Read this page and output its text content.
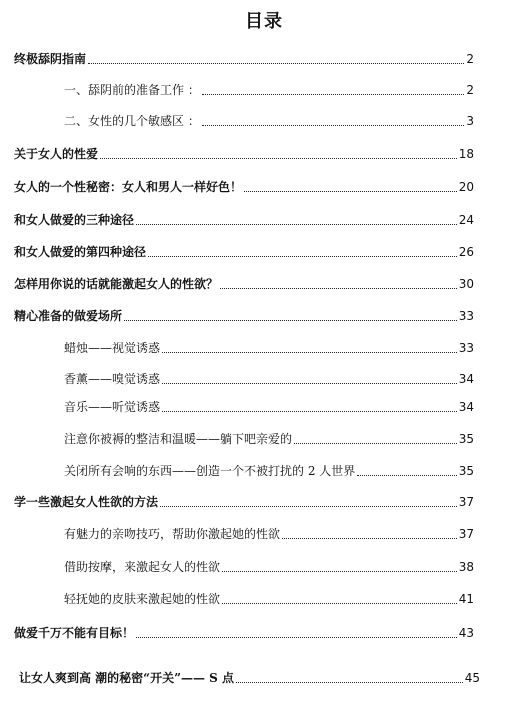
目录
终极舔阴指南	2
一、舔阴前的准备工作 ：	2
二、女性的几个敏感区 ：	3
关于女人的性爱	18
女人的一个性秘密：女人和男人一样好色！	20
和女人做爱的三种途径	24
和女人做爱的第四种途径	26
怎样用你说的话就能激起女人的性欲？	30
精心准备的做爱场所	33
蜡烛——视觉诱惑	33
香薰——嗅觉诱惑	34
音乐——听觉诱惑	34
注意你被褥的整洁和温暖——躺下吧亲爱的	35
关闭所有会响的东西——创造一个不被打扰的 2 人世界	35
学一些激起女人性欲的方法	37
有魅力的亲吻技巧，帮助你激起她的性欲	37
借助按摩，来激起女人的性欲	38
轻抚她的皮肤来激起她的性欲	41
做爱千万不能有目标！	43
让女人爽到高 潮的秘密“开关”—— S 点	45
